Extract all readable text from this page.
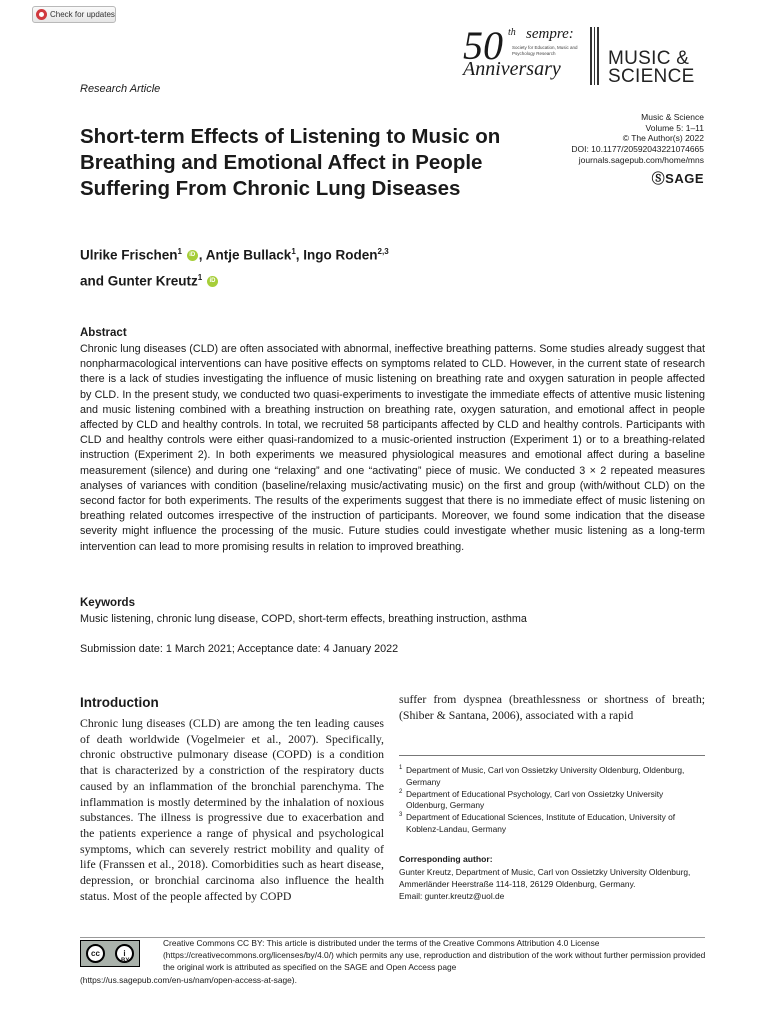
Check for updates
50 th sempre:
Society for Education, Music and Psychology Research
Anniversary MUSIC &
SCIENCE
Research Article
Music & Science
Volume 5: 1–11
© The Author(s) 2022
DOI: 10.1177/20592043221074665
journals.sagepub.com/home/mns
ⓈSAGE
Short-term Effects of Listening to Music on Breathing and Emotional Affect in People Suffering From Chronic Lung Diseases
Ulrike Frischen$^1$ iD , Antje Bullack$^1$, Ingo Roden$^{2,3}$
and Gunter Kreutz$^1$ iD
Abstract
Chronic lung diseases (CLD) are often associated with abnormal, ineffective breathing patterns. Some studies already suggest that nonpharmacological interventions can have positive effects on symptoms related to CLD. However, in the current state of research there is a lack of studies investigating the influence of music listening on breathing rate and oxygen saturation in people affected by CLD. In the present study, we conducted two quasi-experiments to investigate the immediate effects of attentive music listening and music listening combined with a breathing instruction on breathing rate, oxygen saturation, and emotional affect in people affected by CLD and healthy controls. In total, we recruited 58 participants affected by CLD and healthy controls. Participants with CLD and healthy controls were either quasi-randomized to a music-oriented instruction (Experiment 1) or to a breathing-related instruction (Experiment 2). In both experiments we measured physiological measures and emotional affect during a baseline measurement (silence) and during one “relaxing” and one “activating” piece of music. We conducted 3 × 2 repeated measures analyses of variances with condition (baseline/relaxing music/activating music) on the first and group (with/without CLD) on the second factor for both experiments. The results of the experiments suggest that there is no immediate effect of music listening on breathing related outcomes irrespective of the instruction of participants. Moreover, we found some indication that the disease severity might influence the processing of the music. Future studies could investigate whether music listening as a long-term intervention can lead to more promising results in relation to improved breathing.
Keywords
Music listening, chronic lung disease, COPD, short-term effects, breathing instruction, asthma
Submission date: 1 March 2021; Acceptance date: 4 January 2022
Introduction
Chronic lung diseases (CLD) are among the ten leading causes of death worldwide (Vogelmeier et al., 2007). Specifically, chronic obstructive pulmonary disease (COPD) is a condition that is characterized by a constriction of the respiratory ducts caused by an inflammation of the bronchial parenchyma. The inflammation is mostly determined by the inhalation of noxious substances. The illness is progressive due to exacerbation and the patients experience a range of physical and psychological symptoms, which can severely restrict mobility and quality of life (Franssen et al., 2018). Comorbidities such as heart disease, depression, or bronchial carcinoma also influence the health status. Most of the people affected by COPD
suffer from dyspnea (breathlessness or shortness of breath; (Shiber & Santana, 2006), associated with a rapid
1 Department of Music, Carl von Ossietzky University Oldenburg, Oldenburg, Germany
2 Department of Educational Psychology, Carl von Ossietzky University Oldenburg, Germany
3 Department of Educational Sciences, Institute of Education, University of Koblenz-Landau, Germany
Corresponding author:
Gunter Kreutz, Department of Music, Carl von Ossietzky University Oldenburg, Ammerländer Heerstraße 114-118, 26129 Oldenburg, Germany.
Email: gunter.kreutz@uol.de
cc	i
BY
Creative Commons CC BY: This article is distributed under the terms of the Creative Commons Attribution 4.0 License (https://creativecommons.org/licenses/by/4.0/) which permits any use, reproduction and distribution of the work without further permission provided the original work is attributed as specified on the SAGE and Open Access page
(https://us.sagepub.com/en-us/nam/open-access-at-sage).
